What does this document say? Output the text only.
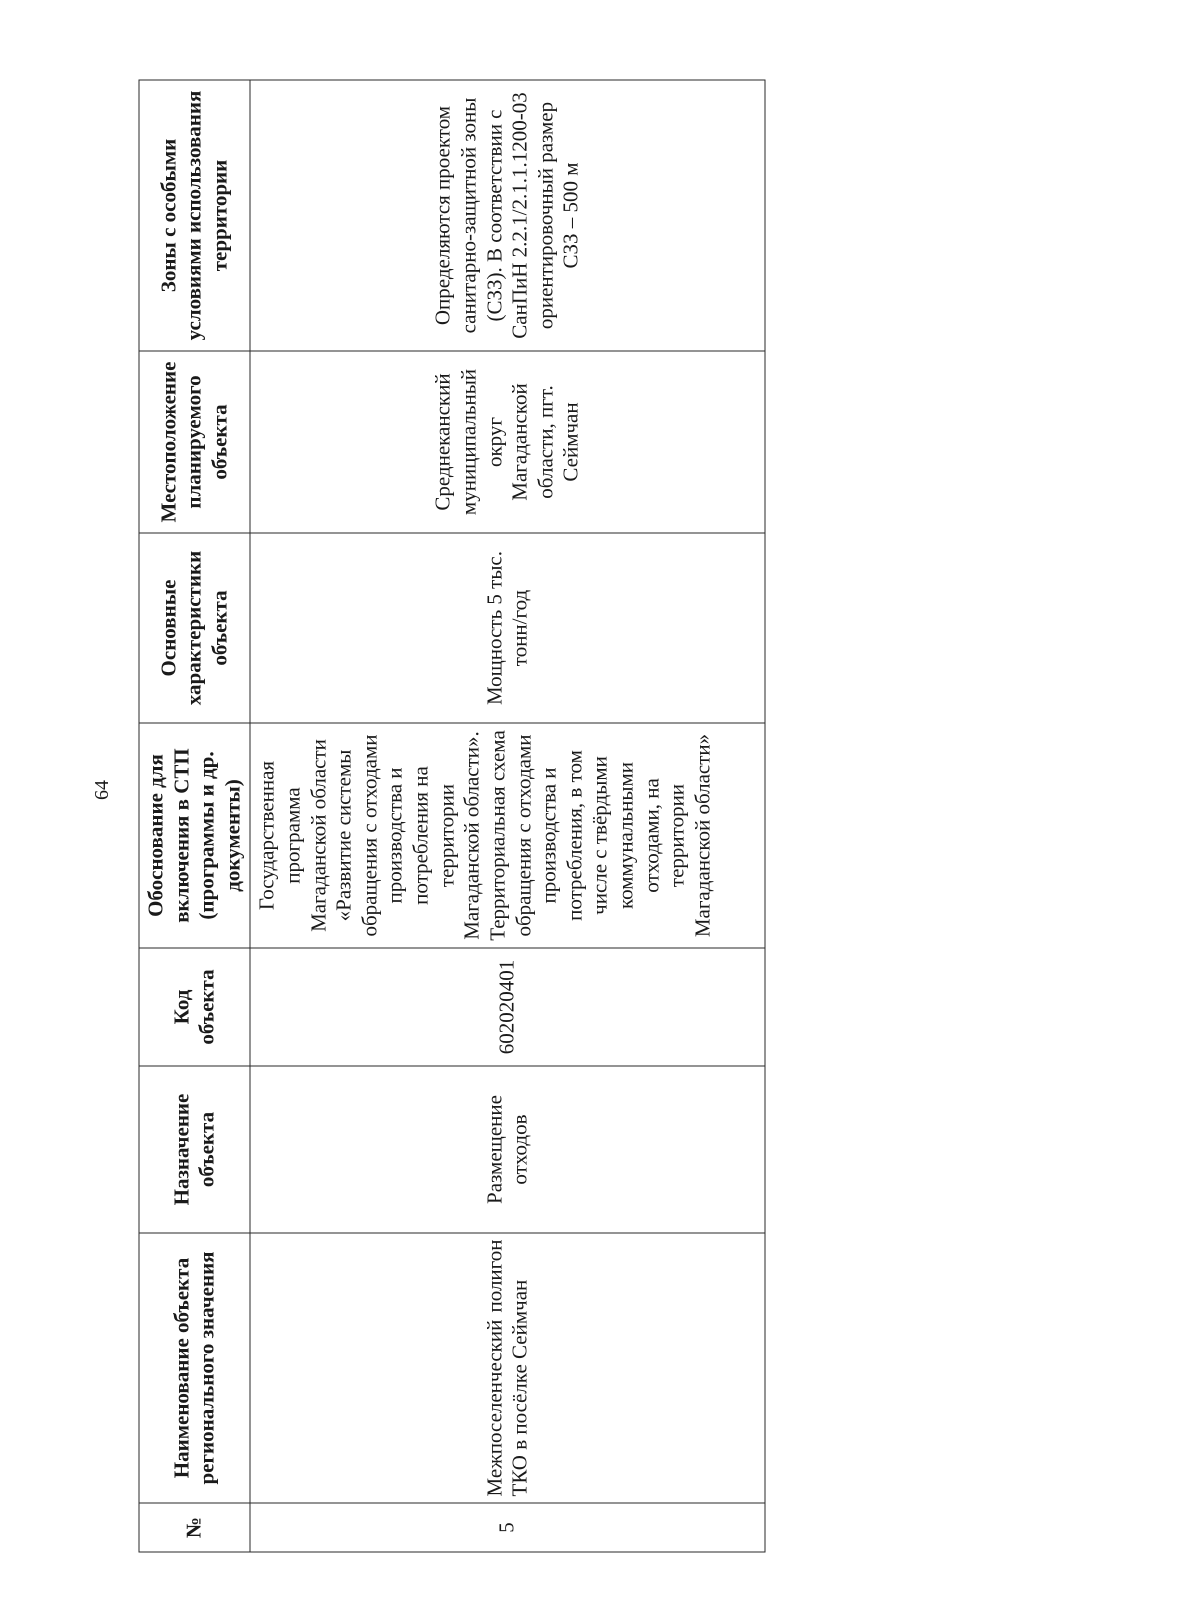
64
№	Наименование объекта регионального значения	Назначение объекта	Код объекта	Обоснование для включения в СТП (программы и др. документы)	Основные характеристики объекта	Местоположение планируемого объекта	Зоны с особыми условиями использования территории
5	Межпоселенческий полигон ТКО в посёлке Сеймчан	Размещение отходов	602020401	Государственная программа Магаданской области «Развитие системы обращения с отходами производства и потребления на территории Магаданской области». Территориальная схема обращения с отходами производства и потребления, в том числе с твёрдыми коммунальными отходами, на территории Магаданской области»	Мощность 5 тыс. тонн/год	Среднеканский муниципальный округ Магаданской области, пгт. Сеймчан	Определяются проектом санитарно-защитной зоны (СЗЗ). В соответствии с СанПиН 2.2.1/2.1.1.1200-03 ориентировочный размер СЗЗ – 500 м
